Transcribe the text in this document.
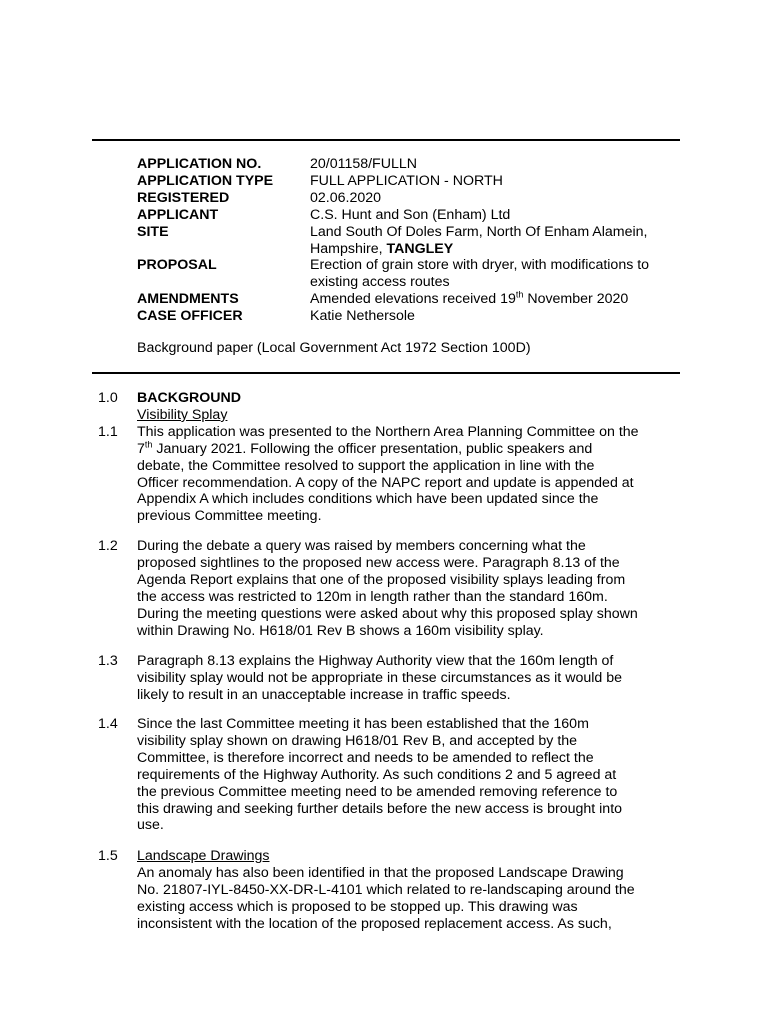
APPLICATION NO.	20/01158/FULLN
APPLICATION TYPE	FULL APPLICATION - NORTH
REGISTERED	02.06.2020
APPLICANT	C.S. Hunt and Son (Enham) Ltd
SITE	Land South Of Doles Farm, North Of Enham Alamein,
Hampshire, TANGLEY
PROPOSAL	Erection of grain store with dryer, with modifications to
existing access routes
AMENDMENTS	Amended elevations received 19th November 2020
CASE OFFICER	Katie Nethersole
Background paper (Local Government Act 1972 Section 100D)
1.0	BACKGROUND
Visibility Splay
1.1	This application was presented to the Northern Area Planning Committee on the
7th January 2021. Following the officer presentation, public speakers and
debate, the Committee resolved to support the application in line with the
Officer recommendation. A copy of the NAPC report and update is appended at
Appendix A which includes conditions which have been updated since the
previous Committee meeting.
1.2	During the debate a query was raised by members concerning what the
proposed sightlines to the proposed new access were. Paragraph 8.13 of the
Agenda Report explains that one of the proposed visibility splays leading from
the access was restricted to 120m in length rather than the standard 160m.
During the meeting questions were asked about why this proposed splay shown
within Drawing No. H618/01 Rev B shows a 160m visibility splay.
1.3	Paragraph 8.13 explains the Highway Authority view that the 160m length of
visibility splay would not be appropriate in these circumstances as it would be
likely to result in an unacceptable increase in traffic speeds.
1.4	Since the last Committee meeting it has been established that the 160m
visibility splay shown on drawing H618/01 Rev B, and accepted by the
Committee, is therefore incorrect and needs to be amended to reflect the
requirements of the Highway Authority. As such conditions 2 and 5 agreed at
the previous Committee meeting need to be amended removing reference to
this drawing and seeking further details before the new access is brought into
use.
1.5	Landscape Drawings
An anomaly has also been identified in that the proposed Landscape Drawing
No. 21807-IYL-8450-XX-DR-L-4101 which related to re-landscaping around the
existing access which is proposed to be stopped up. This drawing was
inconsistent with the location of the proposed replacement access. As such,
